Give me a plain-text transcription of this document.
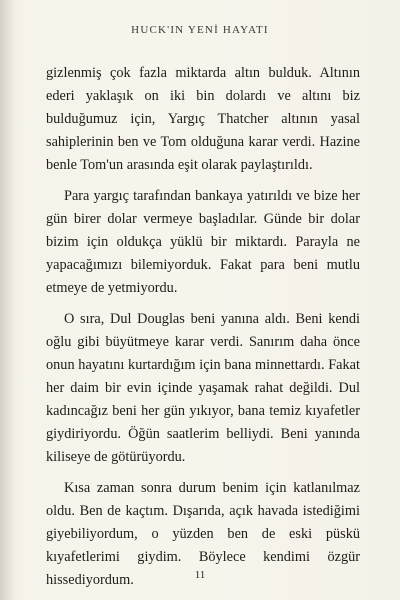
HUCK'IN YENİ HAYATI

gizlenmiş çok fazla miktarda altın bulduk. Altının ederi yaklaşık on iki bin dolardı ve altını biz bulduğumuz için, Yargıç Thatcher altının yasal sahiplerinin ben ve Tom olduğuna karar verdi. Hazine benle Tom'un arasında eşit olarak paylaştırıldı.

Para yargıç tarafından bankaya yatırıldı ve bize her gün birer dolar vermeye başladılar. Günde bir dolar bizim için oldukça yüklü bir miktardı. Parayla ne yapacağımızı bilemiyorduk. Fakat para beni mutlu etmeye de yetmiyordu.

O sıra, Dul Douglas beni yanına aldı. Beni kendi oğlu gibi büyütmeye karar verdi. Sanırım daha önce onun hayatını kurtardığım için bana minnettardı. Fakat her daim bir evin içinde yaşamak rahat değildi. Dul kadıncağız beni her gün yıkıyor, bana temiz kıyafetler giydiriyordu. Öğün saatlerim belliydi. Beni yanında kiliseye de götürüyordu.

Kısa zaman sonra durum benim için katlanılmaz oldu. Ben de kaçtım. Dışarıda, açık havada istediğimi giyebiliyordum, o yüzden ben de eski püskü kıyafetlerimi giydim. Böylece kendimi özgür hissediyordum.	11
